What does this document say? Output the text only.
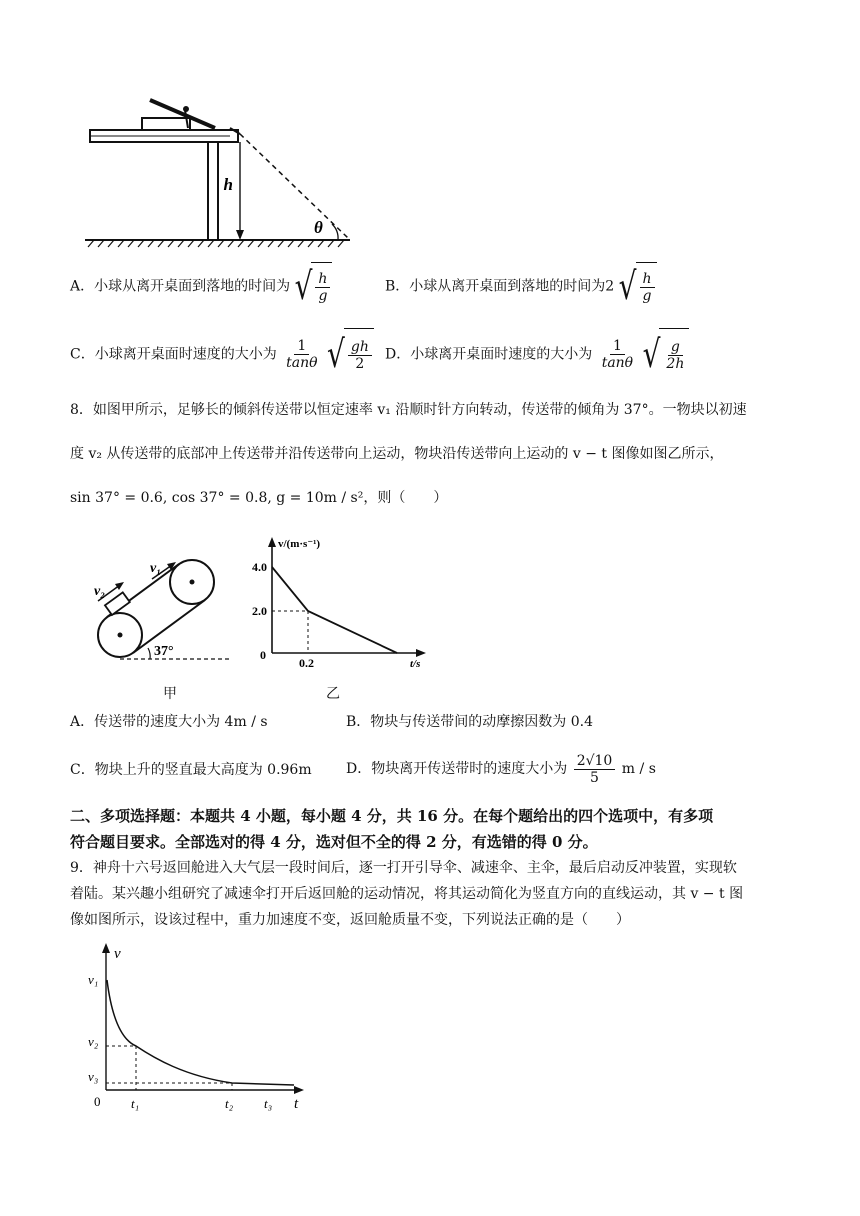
h
θ
A．小球从离开桌面到落地的时间为 √ $\frac{h}{g}$	B．小球从离开桌面到落地的时间为2 √ $\frac{h}{g}$
C．小球离开桌面时速度的大小为 $\frac{1}{\tan\theta}$
√ $\frac{gh}{2}$ D．小球离开桌面时速度的大小为 $\frac{1}{\tan\theta}$
√ $\frac{g}{2h}$
8．如图甲所示，足够长的倾斜传送带以恒定速率 v₁ 沿顺时针方向转动，传送带的倾角为 37°。一物块以初速
度 v₂ 从传送带的底部冲上传送带并沿传送带向上运动，物块沿传送带向上运动的 v − t 图像如图乙所示，
sin 37° = 0.6, cos 37° = 0.8, g = 10m / s²，则（　　）
v₂
v₁
37°
甲
v/(m·s⁻¹)
t/s
4.0
2.0
0
0.2
乙
A．传送带的速度大小为 4m / s	B．物块与传送带间的动摩擦因数为 0.4
C．物块上升的竖直最大高度为 0.96m D．物块离开传送带时的速度大小为 $\frac{2√10}{5}$ m / s
二、多项选择题：本题共 4 小题，每小题 4 分，共 16 分。在每个题给出的四个选项中，有多项
符合题目要求。全部选对的得 4 分，选对但不全的得 2 分，有选错的得 0 分。
9．神舟十六号返回舱进入大气层一段时间后，逐一打开引导伞、减速伞、主伞，最后启动反冲装置，实现软
着陆。某兴趣小组研究了减速伞打开后返回舱的运动情况，将其运动简化为竖直方向的直线运动，其 v − t 图
像如图所示，设该过程中，重力加速度不变，返回舱质量不变，下列说法正确的是（　　）
v
t
v₁
v₂
v₃
0 t₁	t₂ t₃
